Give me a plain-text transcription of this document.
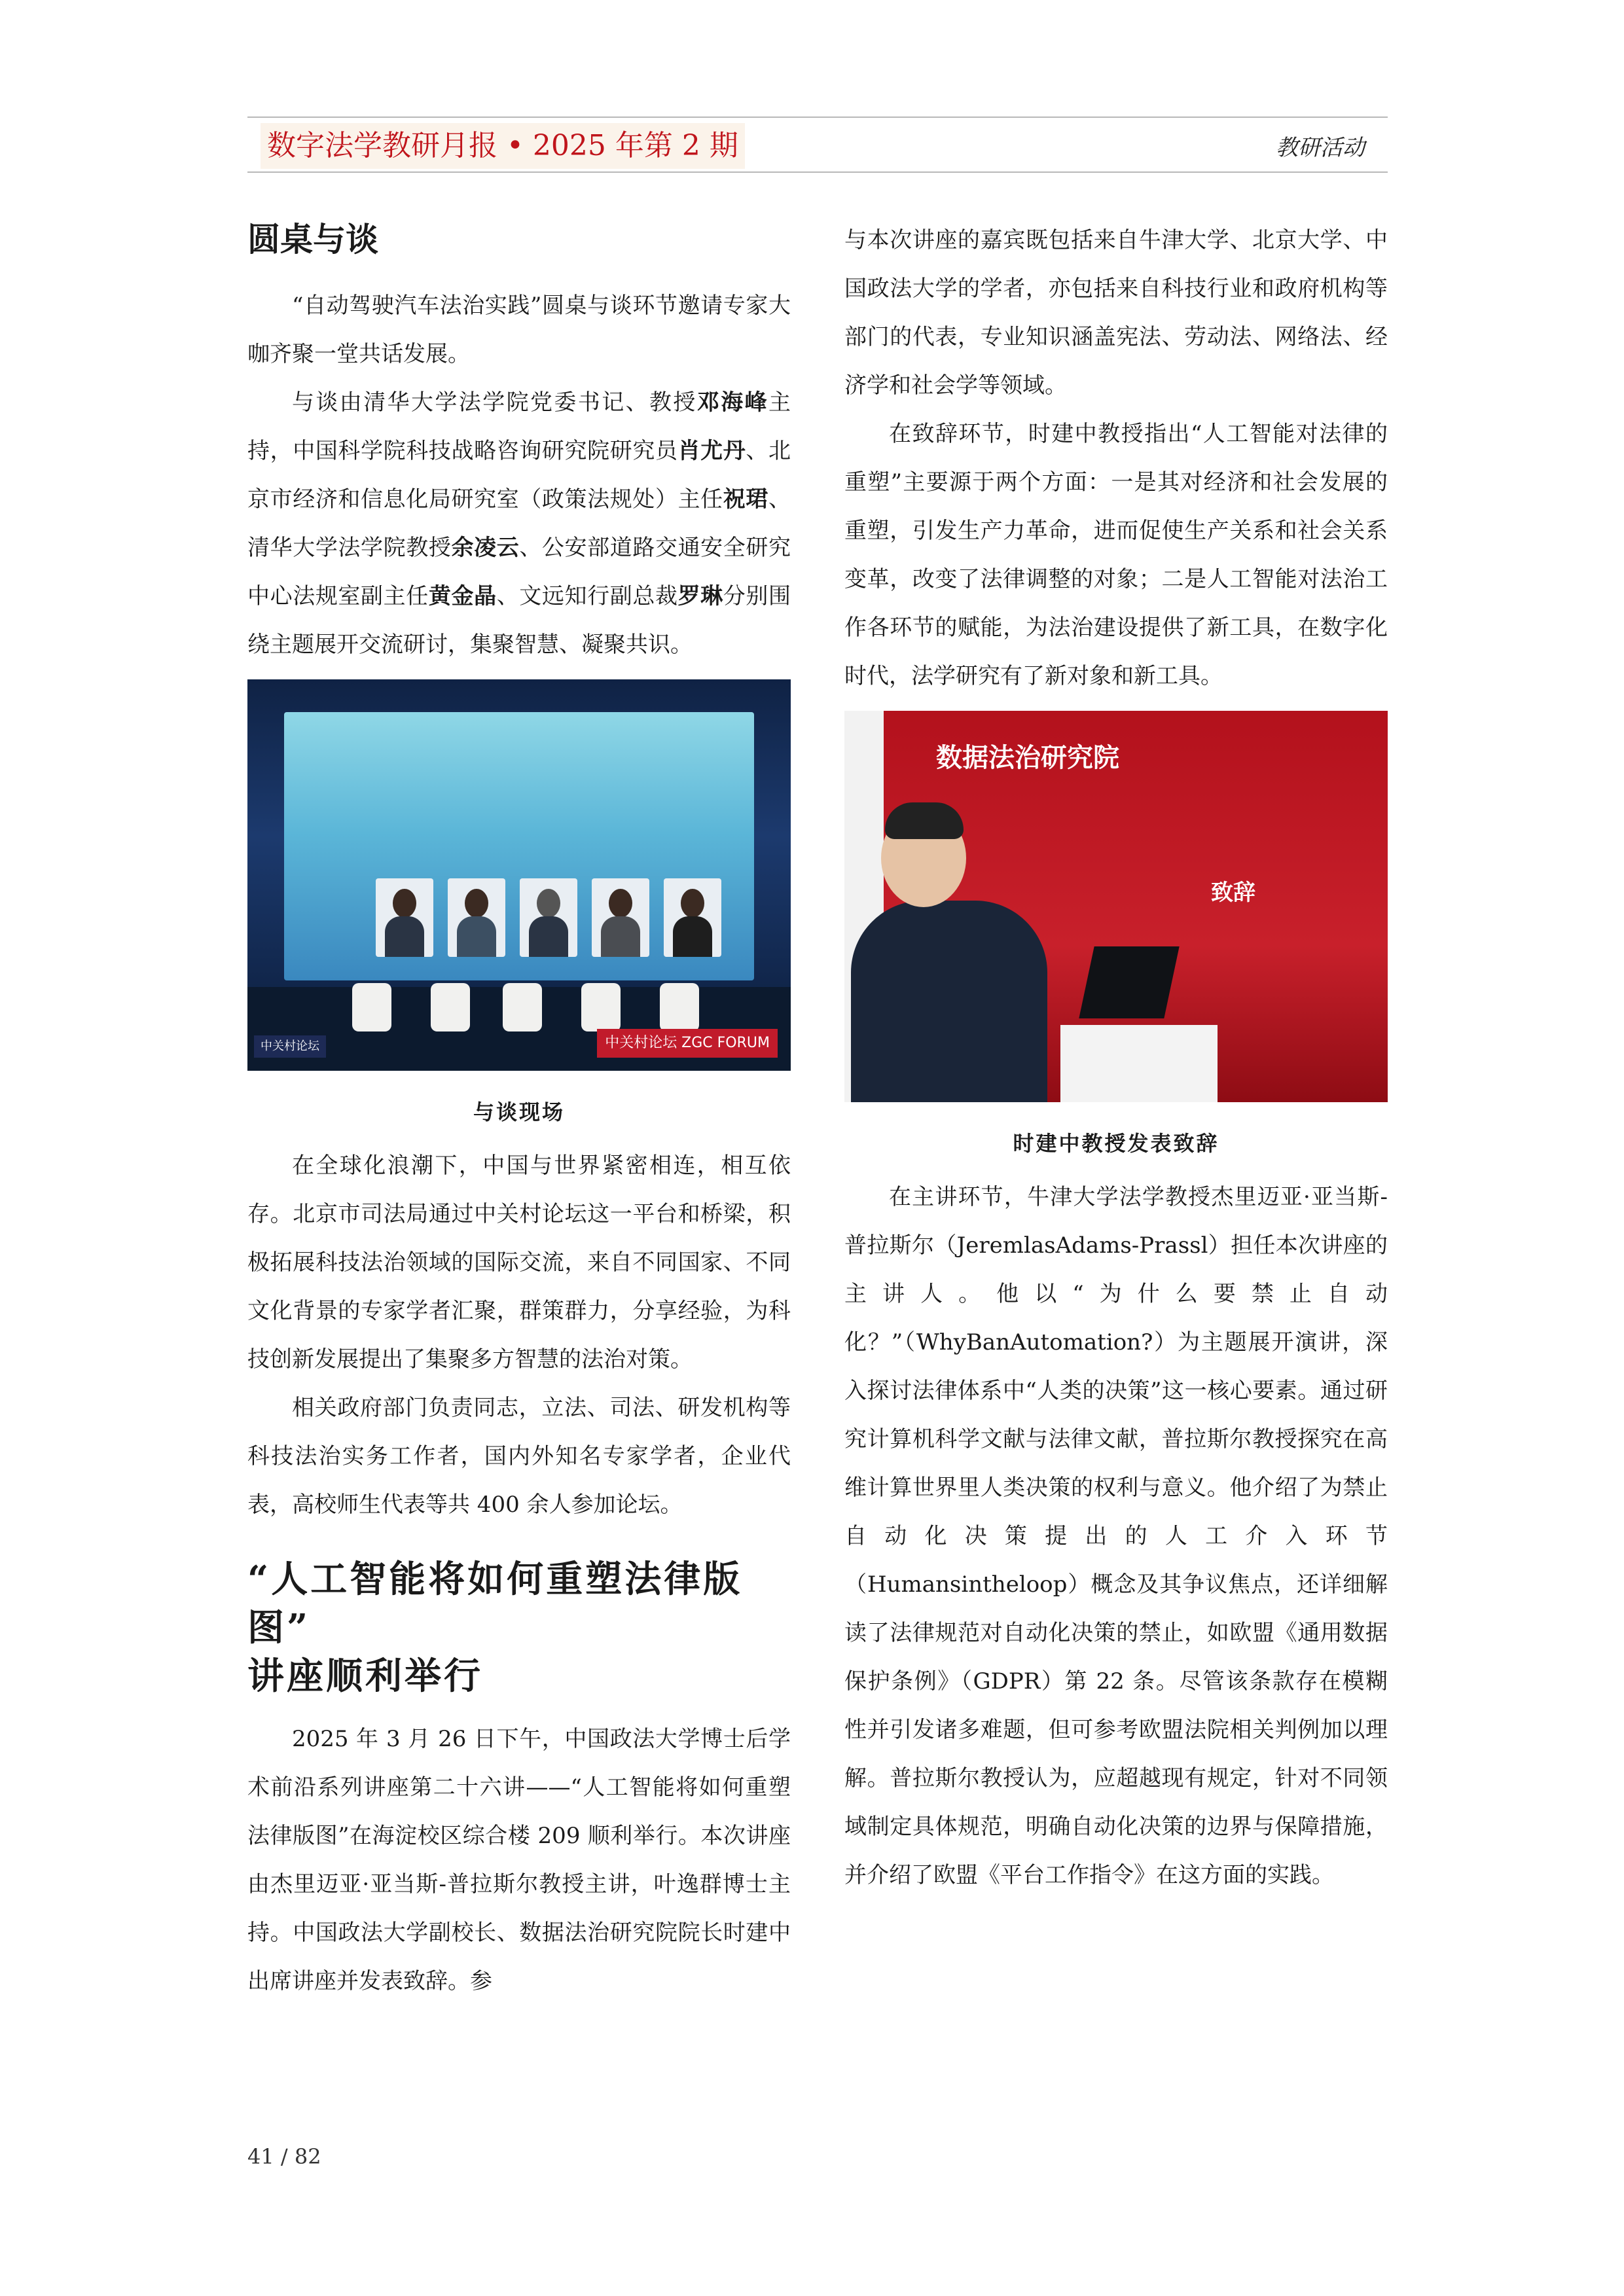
数字法学教研月报 • 2025 年第 2 期	教研活动
圆桌与谈

“自动驾驶汽车法治实践”圆桌与谈环节邀请专家大咖齐聚一堂共话发展。

与谈由清华大学法学院党委书记、教授邓海峰主持，中国科学院科技战略咨询研究院研究员肖尤丹、北京市经济和信息化局研究室（政策法规处）主任祝珺、清华大学法学院教授余凌云、公安部道路交通安全研究中心法规室副主任黄金晶、文远知行副总裁罗琳分别围绕主题展开交流研讨，集聚智慧、凝聚共识。

中关村论坛	中关村论坛 ZGC FORUM
与谈现场

在全球化浪潮下，中国与世界紧密相连，相互依存。北京市司法局通过中关村论坛这一平台和桥梁，积极拓展科技法治领域的国际交流，来自不同国家、不同文化背景的专家学者汇聚，群策群力，分享经验，为科技创新发展提出了集聚多方智慧的法治对策。

相关政府部门负责同志，立法、司法、研发机构等科技法治实务工作者，国内外知名专家学者，企业代表，高校师生代表等共 400 余人参加论坛。

“人工智能将如何重塑法律版图”
讲座顺利举行

2025 年 3 月 26 日下午，中国政法大学博士后学术前沿系列讲座第二十六讲——“人工智能将如何重塑法律版图”在海淀校区综合楼 209 顺利举行。本次讲座由杰里迈亚·亚当斯-普拉斯尔教授主讲，叶逸群博士主持。中国政法大学副校长、数据法治研究院院长时建中出席讲座并发表致辞。参

与本次讲座的嘉宾既包括来自牛津大学、北京大学、中国政法大学的学者，亦包括来自科技行业和政府机构等部门的代表，专业知识涵盖宪法、劳动法、网络法、经济学和社会学等领域。

在致辞环节，时建中教授指出“人工智能对法律的重塑”主要源于两个方面：一是其对经济和社会发展的重塑，引发生产力革命，进而促使生产关系和社会关系变革，改变了法律调整的对象；二是人工智能对法治工作各环节的赋能，为法治建设提供了新工具，在数字化时代，法学研究有了新对象和新工具。

数据法治研究院
致辞
时建中教授发表致辞

在主讲环节，牛津大学法学教授杰里迈亚·亚当斯-普拉斯尔（JeremlasAdams-Prassl）担任本次讲座的主讲人。他以“为什么要禁止自动化？”（WhyBanAutomation?）为主题展开演讲，深入探讨法律体系中“人类的决策”这一核心要素。通过研究计算机科学文献与法律文献，普拉斯尔教授探究在高维计算世界里人类决策的权利与意义。他介绍了为禁止自动化决策提出的人工介入环节（Humansintheloop）概念及其争议焦点，还详细解读了法律规范对自动化决策的禁止，如欧盟《通用数据保护条例》（GDPR）第 22 条。尽管该条款存在模糊性并引发诸多难题，但可参考欧盟法院相关判例加以理解。普拉斯尔教授认为，应超越现有规定，针对不同领域制定具体规范，明确自动化决策的边界与保障措施，并介绍了欧盟《平台工作指令》在这方面的实践。

41 / 82
